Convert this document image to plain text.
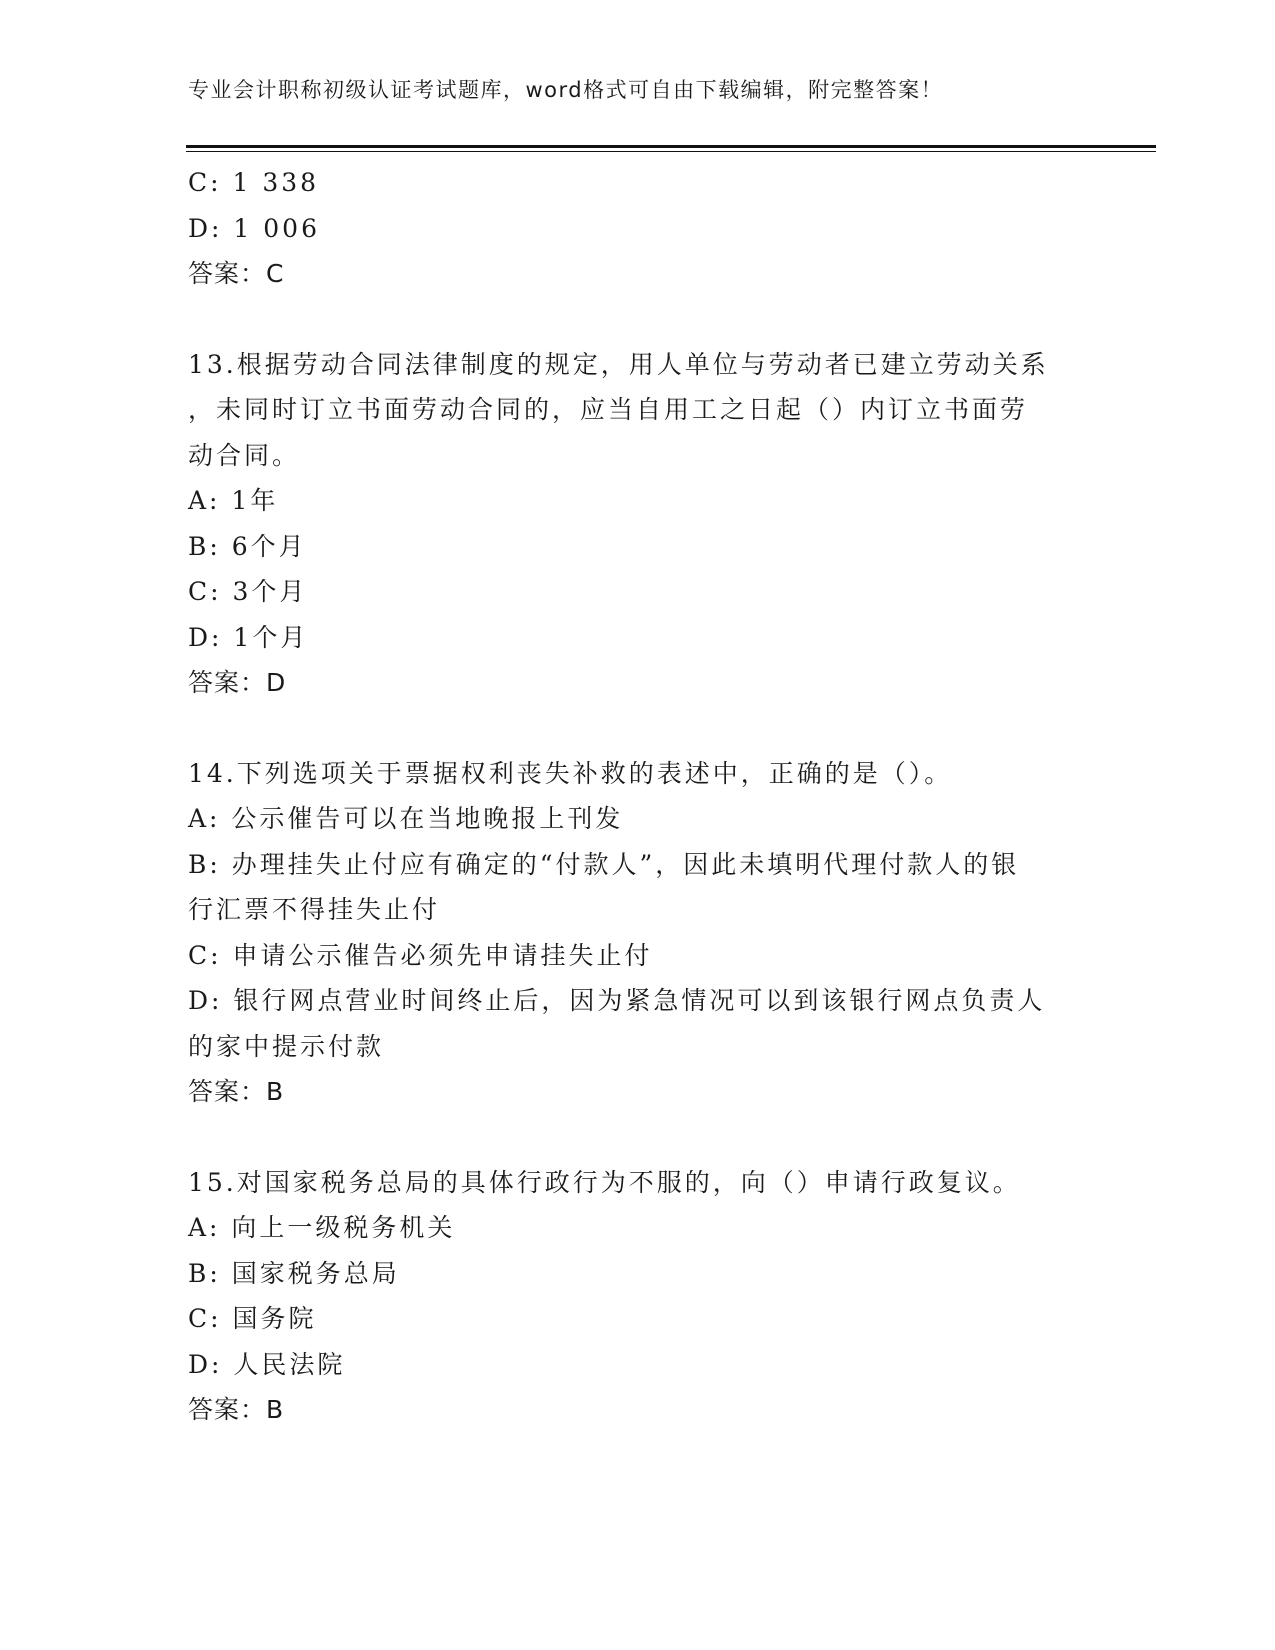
专业会计职称初级认证考试题库，word格式可自由下载编辑，附完整答案！
C: 1 338
D: 1 006
答案：C
13.根据劳动合同法律制度的规定，用人单位与劳动者已建立劳动关系
，未同时订立书面劳动合同的，应当自用工之日起（）内订立书面劳
动合同。
A: 1年
B: 6个月
C: 3个月
D: 1个月
答案：D
14.下列选项关于票据权利丧失补救的表述中，正确的是（）。
A: 公示催告可以在当地晚报上刊发
B: 办理挂失止付应有确定的“付款人”，因此未填明代理付款人的银
行汇票不得挂失止付
C: 申请公示催告必须先申请挂失止付
D: 银行网点营业时间终止后，因为紧急情况可以到该银行网点负责人
的家中提示付款
答案：B
15.对国家税务总局的具体行政行为不服的，向（）申请行政复议。
A: 向上一级税务机关
B: 国家税务总局
C: 国务院
D: 人民法院
答案：B
